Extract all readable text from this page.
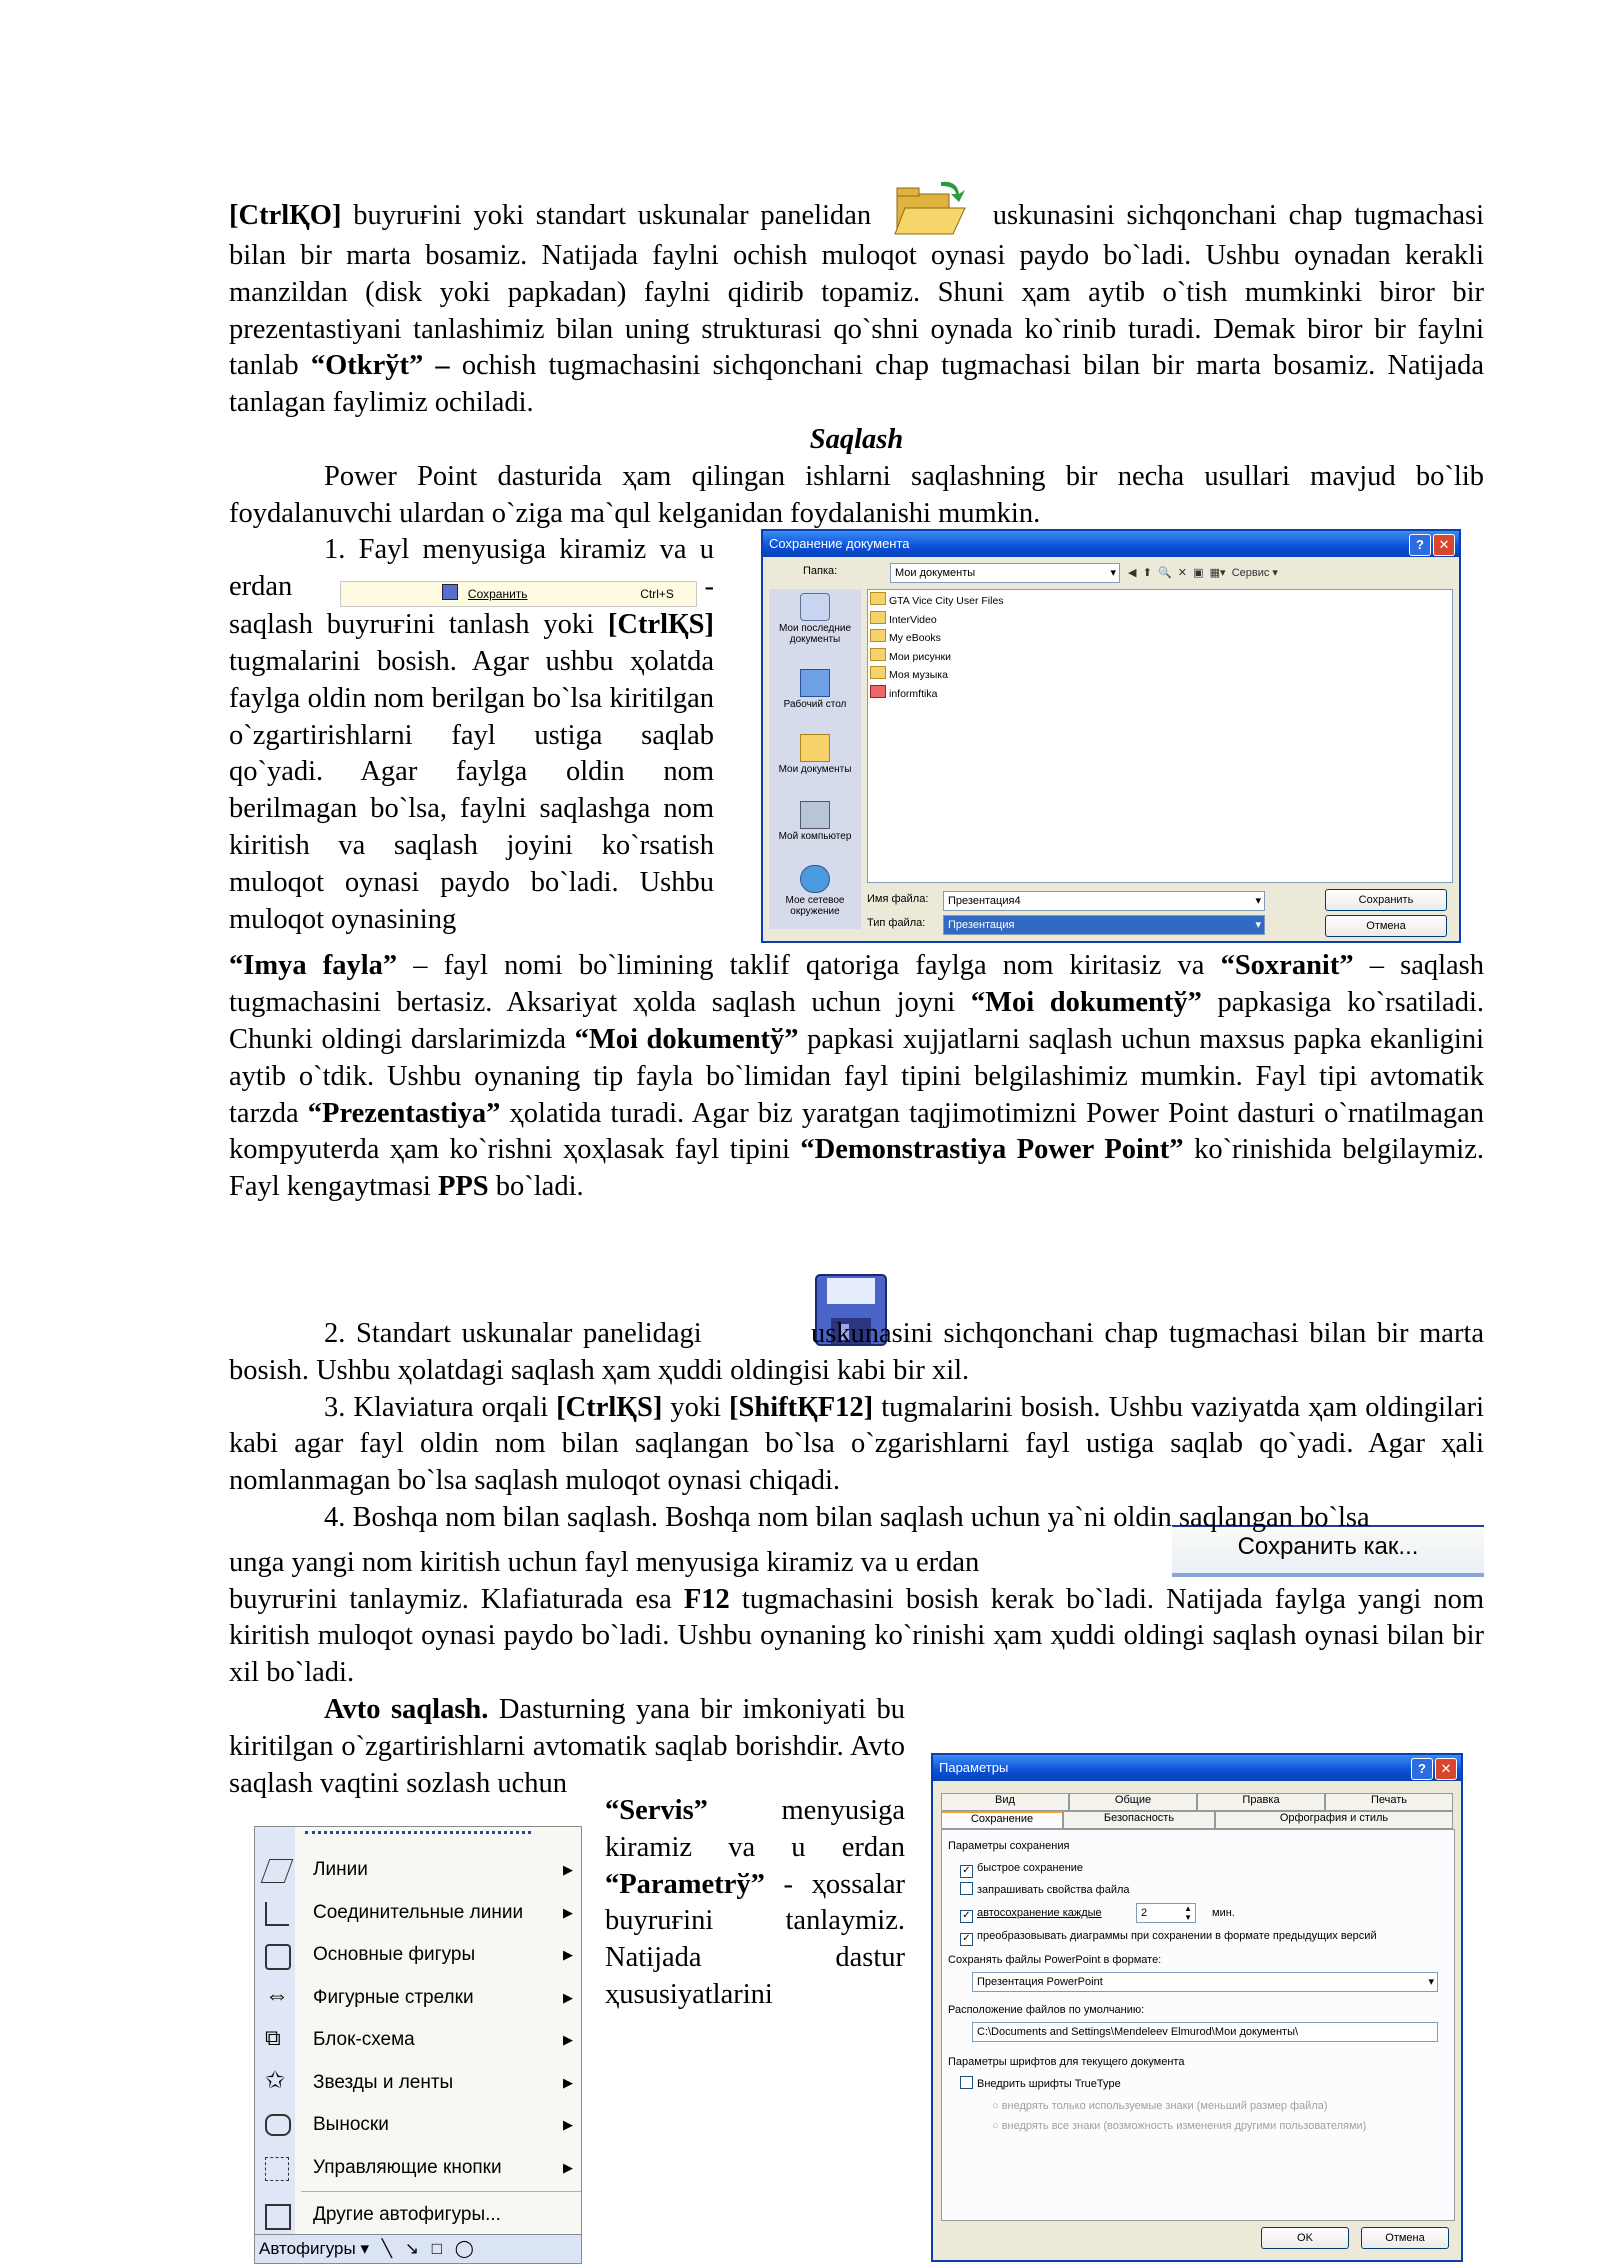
[CtrlҚO] buyruғini yoki standart uskunalar panelidan	uskunasini sichqonchani chap tugmachasi bilan bir marta bosamiz. Natijada faylni ochish muloqot oynasi paydo bo`ladi. Ushbu oynadan kerakli manzildan (disk yoki papkadan) faylni qidirib topamiz. Shuni ҳam aytib o`tish mumkinki biror bir prezentastiyani tanlashimiz bilan uning strukturasi qo`shni oynada ko`rinib turadi. Demak biror bir faylni tanlab “Otkrўt” – ochish tugmachasini sichqonchani chap tugmachasi bilan bir marta bosamiz. Natijada tanlagan faylimiz ochiladi.

Saqlash

Power Point dasturida ҳam qilingan ishlarni saqlashning bir necha usullari mavjud bo`lib foydalanuvchi ulardan o`ziga ma`qul kelganidan foydalanishi mumkin.

1. Fayl menyusiga kiramiz va u erdan	Сохранить	Ctrl+S - saqlash buyruғini tanlash yoki [CtrlҚS] tugmalarini bosish. Agar ushbu ҳolatda faylga oldin nom berilgan bo`lsa kiritilgan o`zgartirishlarni fayl ustiga saqlab qo`yadi. Agar faylga oldin nom berilmagan bo`lsa, faylni saqlashga nom kiritish va saqlash joyini ko`rsatish muloqot oynasi paydo bo`ladi. Ushbu muloqot oynasining

“Imya fayla” – fayl nomi bo`limining taklif qatoriga faylga nom kiritasiz va “Soxranit” – saqlash tugmachasini bertasiz. Aksariyat ҳolda saqlash uchun joyni “Moi dokumentў” papkasiga ko`rsatiladi. Chunki oldingi darslarimizda “Moi dokumentў” papkasi xujjatlarni saqlash uchun maxsus papka ekanligini aytib o`tdik. Ushbu oynaning tip fayla bo`limidan fayl tipini belgilashimiz mumkin. Fayl tipi avtomatik tarzda “Prezentastiya” ҳolatida turadi. Agar biz yaratgan taqjimotimizni Power Point dasturi o`rnatilmagan kompyuterda ҳam ko`rishni ҳoҳlasak fayl tipini “Demonstrastiya Power Point” ko`rinishida belgilaymiz. Fayl kengaytmasi PPS bo`ladi.

2. Standart uskunalar panelidagi	uskunasini sichqonchani chap tugmachasi bilan bir marta bosish. Ushbu ҳolatdagi saqlash ҳam ҳuddi oldingisi kabi bir xil.

3. Klaviatura orqali [CtrlҚS] yoki [ShiftҚF12] tugmalarini bosish. Ushbu vaziyatda ҳam oldingilari kabi agar fayl oldin nom bilan saqlangan bo`lsa o`zgarishlarni fayl ustiga saqlab qo`yadi. Agar ҳali nomlanmagan bo`lsa saqlash muloqot oynasi chiqadi.

4. Boshqa nom bilan saqlash. Boshqa nom bilan saqlash uchun ya`ni oldin saqlangan bo`lsa

unga yangi nom kiritish uchun fayl menyusiga kiramiz va u erdan
Сохранить как...

buyruғini tanlaymiz. Klafiaturada esa F12 tugmachasini bosish kerak bo`ladi. Natijada faylga yangi nom kiritish muloqot oynasi paydo bo`ladi. Ushbu oynaning ko`rinishi ҳam ҳuddi oldingi saqlash oynasi bilan bir xil bo`ladi.

Avto saqlash. Dasturning yana bir imkoniyati bu kiritilgan o`zgartirishlarni avtomatik saqlab borishdir. Avto saqlash vaqtini sozlash uchun

Сохранение документа	?	✕
Папка:	Мои документы	▾ ◀ ⬆ 🔍 ✕ ▣ ▦▾ Сервис ▾
Мои последние документы
Рабочий стол
Мои документы
Мой компьютер
Мое сетевое окружение
GTA Vice City User Files
InterVideo
My eBooks
Мои рисунки
Моя музыка
informftika
Имя файла:	Презентация4	▾
Тип файла:	Презентация	▾
Сохранить
Отмена
“Servis”	menyusiga kiramiz va u erdan “Parametrў” - ҳossalar buyruғini tanlaymiz. Natijada dastur ҳususiyatlarini
Линии	▶
Соединительные линии	▶
Основные фигуры	▶
⇔ Фигурные стрелки	▶
⧉ Блок-схема	▶
✩ Звезды и ленты	▶
Выноски	▶
Управляющие кнопки	▶
Другие автофигуры...
Автофигуры ▾ ╲ ↘ □ ◯
Параметры	?	✕
Вид	Общие	Правка	Печать
Сохранение	Безопасность	Орфография и стиль
Параметры сохранения
✓ быстрое сохранение
запрашивать свойства файла
✓ автосохранение каждые	2	▲
▼ мин.
✓ преобразовывать диаграммы при сохранении в формате предыдущих версий
Сохранять файлы PowerPoint в формате:
Презентация PowerPoint	▾
Расположение файлов по умолчанию:
C:\Documents and Settings\Mendeleev Elmurod\Мои документы\
Параметры шрифтов для текущего документа
Внедрить шрифты TrueType
○ внедрять только используемые знаки (меньший размер файла)
○ внедрять все знаки (возможность изменения другими пользователями)
OK	Отмена
